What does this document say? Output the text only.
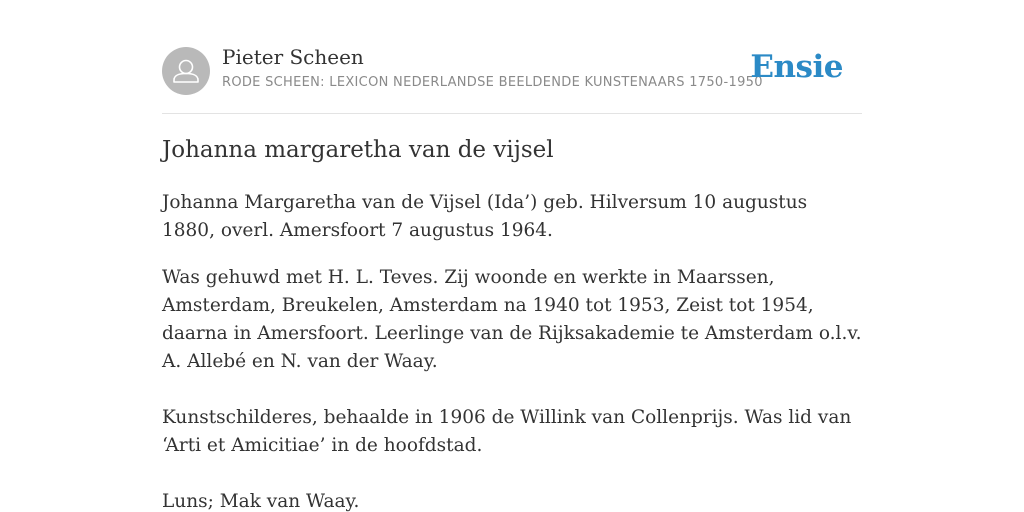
Pieter Scheen
RODE SCHEEN: LEXICON NEDERLANDSE BEELDENDE KUNSTENAARS 1750-1950
Ensie
Johanna margaretha van de vijsel

Johanna Margaretha van de Vijsel (Ida’) geb. Hilversum 10 augustus 1880, overl. Amersfoort 7 augustus 1964.

Was gehuwd met H. L. Teves. Zij woonde en werkte in Maarssen, Amsterdam, Breukelen, Amsterdam na 1940 tot 1953, Zeist tot 1954, daarna in Amersfoort. Leerlinge van de Rijksakademie te Amsterdam o.l.v. A. Allebé en N. van der Waay.

Kunstschilderes, behaalde in 1906 de Willink van Collenprijs. Was lid van ‘Arti et Amicitiae’ in de hoofdstad.

Luns; Mak van Waay.
